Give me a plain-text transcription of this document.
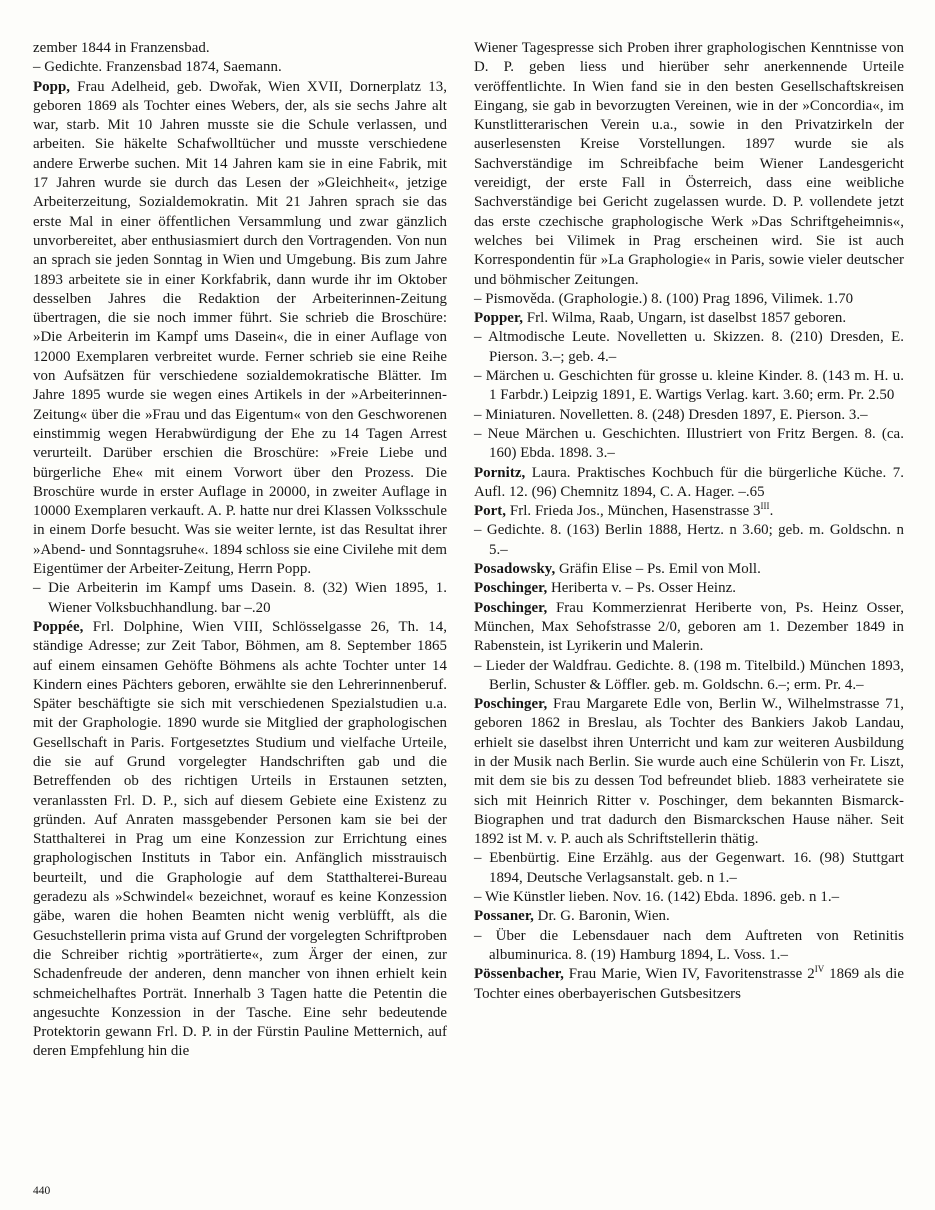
zember 1844 in Franzensbad.

– Gedichte. Franzensbad 1874, Saemann.

Popp, Frau Adelheid, geb. Dwořak, Wien XVII, Dornerplatz 13, geboren 1869 als Tochter eines Webers, der, als sie sechs Jahre alt war, starb. Mit 10 Jahren musste sie die Schule verlassen, und arbeiten. Sie häkelte Schafwolltücher und musste verschiedene andere Erwerbe suchen. Mit 14 Jahren kam sie in eine Fabrik, mit 17 Jahren wurde sie durch das Lesen der »Gleichheit«, jetzige Arbeiterzeitung, Sozialdemokratin. Mit 21 Jahren sprach sie das erste Mal in einer öffentlichen Versammlung und zwar gänzlich unvorbereitet, aber enthusiasmiert durch den Vortragenden. Von nun an sprach sie jeden Sonntag in Wien und Umgebung. Bis zum Jahre 1893 arbeitete sie in einer Korkfabrik, dann wurde ihr im Oktober desselben Jahres die Redaktion der Arbeiterinnen-Zeitung übertragen, die sie noch immer führt. Sie schrieb die Broschüre: »Die Arbeiterin im Kampf ums Dasein«, die in einer Auflage von 12000 Exemplaren verbreitet wurde. Ferner schrieb sie eine Reihe von Aufsätzen für verschiedene sozialdemokratische Blätter. Im Jahre 1895 wurde sie wegen eines Artikels in der »Arbeiterinnen-Zeitung« über die »Frau und das Eigentum« von den Geschworenen einstimmig wegen Herabwürdigung der Ehe zu 14 Tagen Arrest verurteilt. Darüber erschien die Broschüre: »Freie Liebe und bürgerliche Ehe« mit einem Vorwort über den Prozess. Die Broschüre wurde in erster Auflage in 20000, in zweiter Auflage in 10000 Exemplaren verkauft. A. P. hatte nur drei Klassen Volksschule in einem Dorfe besucht. Was sie weiter lernte, ist das Resultat ihrer »Abend- und Sonntagsruhe«. 1894 schloss sie eine Civilehe mit dem Eigentümer der Arbeiter-Zeitung, Herrn Popp.

– Die Arbeiterin im Kampf ums Dasein. 8. (32) Wien 1895, 1. Wiener Volksbuchhandlung. bar –.20

Poppée, Frl. Dolphine, Wien VIII, Schlösselgasse 26, Th. 14, ständige Adresse; zur Zeit Tabor, Böhmen, am 8. September 1865 auf einem einsamen Gehöfte Böhmens als achte Tochter unter 14 Kindern eines Pächters geboren, erwählte sie den Lehrerinnenberuf. Später beschäftigte sie sich mit verschiedenen Spezialstudien u.a. mit der Graphologie. 1890 wurde sie Mitglied der graphologischen Gesellschaft in Paris. Fortgesetztes Studium und vielfache Urteile, die sie auf Grund vorgelegter Handschriften gab und die Betreffenden ob des richtigen Urteils in Erstaunen setzten, veranlassten Frl. D. P., sich auf diesem Gebiete eine Existenz zu gründen. Auf Anraten massgebender Personen kam sie bei der Statthalterei in Prag um eine Konzession zur Errichtung eines graphologischen Instituts in Tabor ein. Anfänglich misstrauisch beurteilt, und die Graphologie auf dem Statthalterei-Bureau geradezu als »Schwindel« bezeichnet, worauf es keine Konzession gäbe, waren die hohen Beamten nicht wenig verblüfft, als die Gesuchstellerin prima vista auf Grund der vorgelegten Schriftproben die Schreiber richtig »porträtierte«, zum Ärger der einen, zur Schadenfreude der anderen, denn mancher von ihnen erhielt kein schmeichelhaftes Porträt. Innerhalb 3 Tagen hatte die Petentin die angesuchte Konzession in der Tasche. Eine sehr bedeutende Protektorin gewann Frl. D. P. in der Fürstin Pauline Metternich, auf deren Empfehlung hin die

Wiener Tagespresse sich Proben ihrer graphologischen Kenntnisse von D. P. geben liess und hierüber sehr anerkennende Urteile veröffentlichte. In Wien fand sie in den besten Gesellschaftskreisen Eingang, sie gab in bevorzugten Vereinen, wie in der »Concordia«, im Kunstlitterarischen Verein u.a., sowie in den Privatzirkeln der auserlesensten Kreise Vorstellungen. 1897 wurde sie als Sachverständige im Schreibfache beim Wiener Landesgericht vereidigt, der erste Fall in Österreich, dass eine weibliche Sachverständige bei Gericht zugelassen wurde. D. P. vollendete jetzt das erste czechische graphologische Werk »Das Schriftgeheimnis«, welches bei Vilimek in Prag erscheinen wird. Sie ist auch Korrespondentin für »La Graphologie« in Paris, sowie vieler deutscher und böhmischer Zeitungen.

– Pismověda. (Graphologie.) 8. (100) Prag 1896, Vilimek. 1.70

Popper, Frl. Wilma, Raab, Ungarn, ist daselbst 1857 geboren.

– Altmodische Leute. Novelletten u. Skizzen. 8. (210) Dresden, E. Pierson. 3.–; geb. 4.–

– Märchen u. Geschichten für grosse u. kleine Kinder. 8. (143 m. H. u. 1 Farbdr.) Leipzig 1891, E. Wartigs Verlag. kart. 3.60; erm. Pr. 2.50

– Miniaturen. Novelletten. 8. (248) Dresden 1897, E. Pierson. 3.–

– Neue Märchen u. Geschichten. Illustriert von Fritz Bergen. 8. (ca. 160) Ebda. 1898. 3.–

Pornitz, Laura. Praktisches Kochbuch für die bürgerliche Küche. 7. Aufl. 12. (96) Chemnitz 1894, C. A. Hager. –.65

Port, Frl. Frieda Jos., München, Hasenstrasse $3^{III}$.

– Gedichte. 8. (163) Berlin 1888, Hertz. n 3.60; geb. m. Goldschn. n 5.–

Posadowsky, Gräfin Elise – Ps. Emil von Moll.

Poschinger, Heriberta v. – Ps. Osser Heinz.

Poschinger, Frau Kommerzienrat Heriberte von, Ps. Heinz Osser, München, Max Sehofstrasse 2/0, geboren am 1. Dezember 1849 in Rabenstein, ist Lyrikerin und Malerin.

– Lieder der Waldfrau. Gedichte. 8. (198 m. Titelbild.) München 1893, Berlin, Schuster & Löffler. geb. m. Goldschn. 6.–; erm. Pr. 4.–

Poschinger, Frau Margarete Edle von, Berlin W., Wilhelmstrasse 71, geboren 1862 in Breslau, als Tochter des Bankiers Jakob Landau, erhielt sie daselbst ihren Unterricht und kam zur weiteren Ausbildung in der Musik nach Berlin. Sie wurde auch eine Schülerin von Fr. Liszt, mit dem sie bis zu dessen Tod befreundet blieb. 1883 verheiratete sie sich mit Heinrich Ritter v. Poschinger, dem bekannten Bismarck-Biographen und trat dadurch den Bismarckschen Hause näher. Seit 1892 ist M. v. P. auch als Schriftstellerin thätig.

– Ebenbürtig. Eine Erzählg. aus der Gegenwart. 16. (98) Stuttgart 1894, Deutsche Verlagsanstalt. geb. n 1.–

– Wie Künstler lieben. Nov. 16. (142) Ebda. 1896. geb. n 1.–

Possaner, Dr. G. Baronin, Wien.

– Über die Lebensdauer nach dem Auftreten von Retinitis albuminurica. 8. (19) Hamburg 1894, L. Voss. 1.–

Pössenbacher, Frau Marie, Wien IV, Favoritenstrasse $2^{IV}$ 1869 als die Tochter eines oberbayerischen Gutsbesitzers

440
